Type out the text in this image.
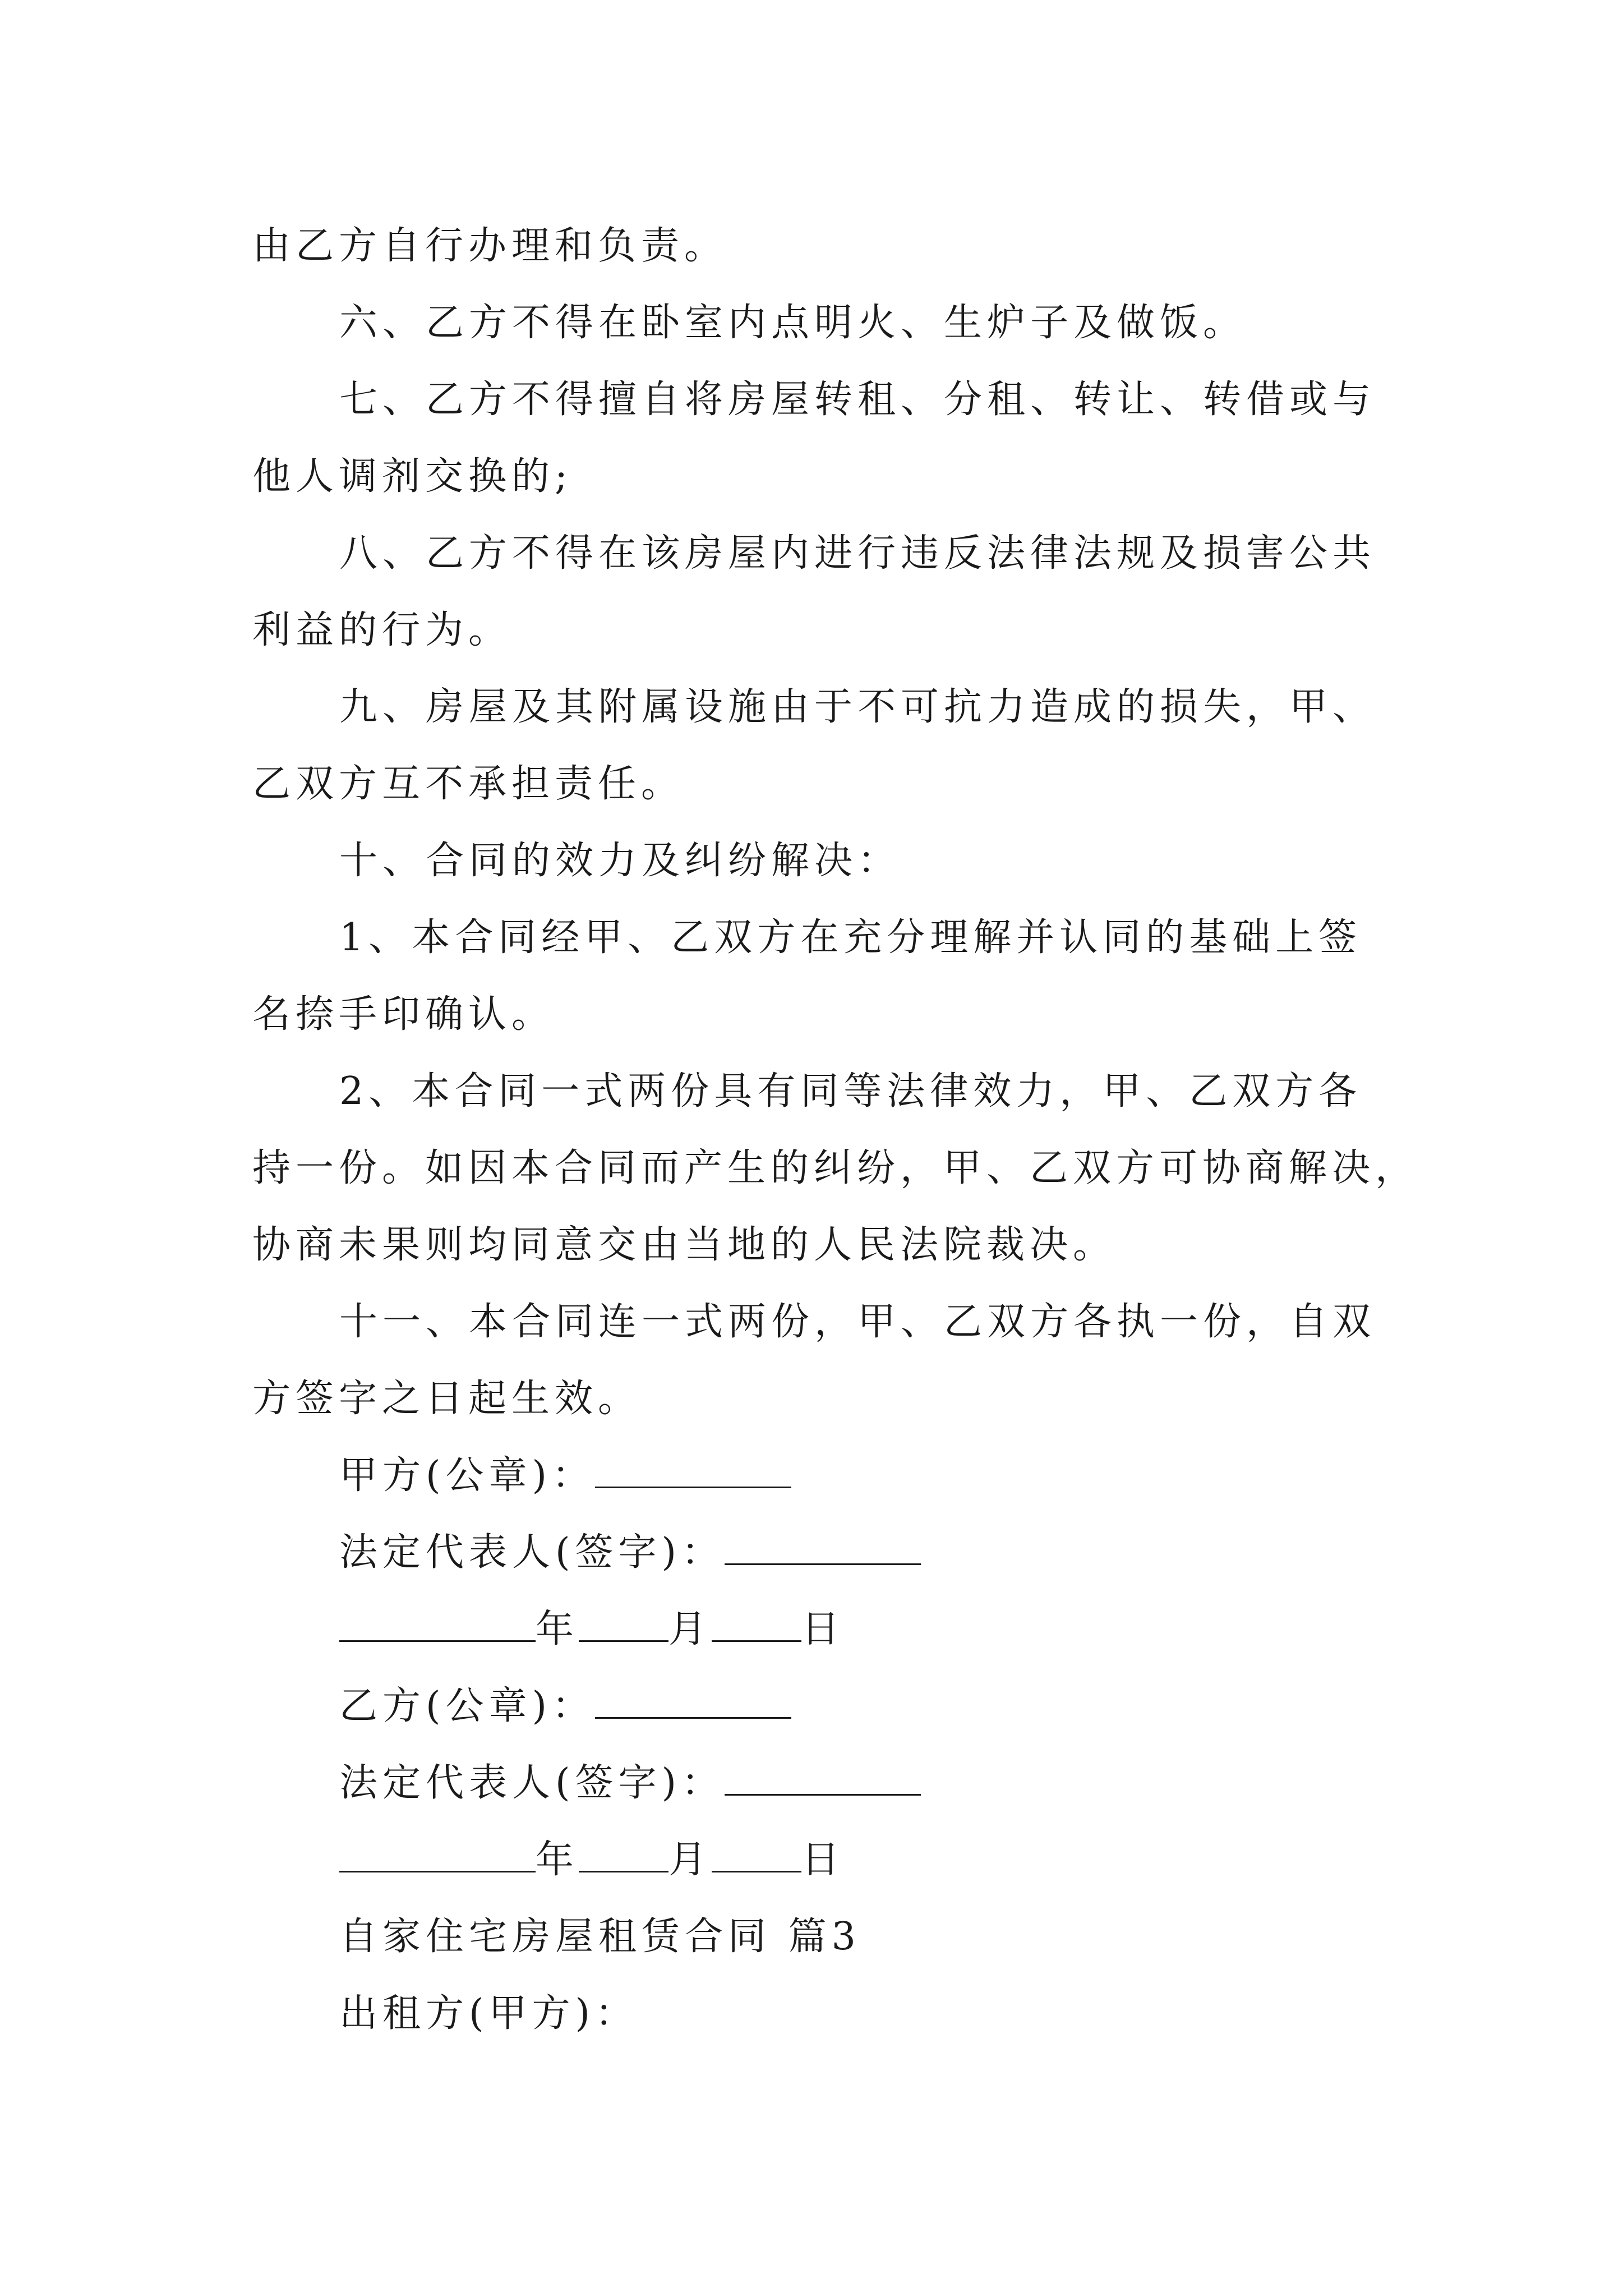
由乙方自行办理和负责。
六、乙方不得在卧室内点明火、生炉子及做饭。
七、乙方不得擅自将房屋转租、分租、转让、转借或与
他人调剂交换的;
八、乙方不得在该房屋内进行违反法律法规及损害公共
利益的行为。
九、房屋及其附属设施由于不可抗力造成的损失，甲、
乙双方互不承担责任。
十、合同的效力及纠纷解决：
1、本合同经甲、乙双方在充分理解并认同的基础上签
名捺手印确认。
2、本合同一式两份具有同等法律效力，甲、乙双方各
持一份。如因本合同而产生的纠纷，甲、乙双方可协商解决，
协商未果则均同意交由当地的人民法院裁决。
十一、本合同连一式两份，甲、乙双方各执一份，自双
方签字之日起生效。
甲方(公章)：
法定代表人(签字)：
年 月 日
乙方(公章)：
法定代表人(签字)：
年 月 日
自家住宅房屋租赁合同 篇3
出租方(甲方)：
